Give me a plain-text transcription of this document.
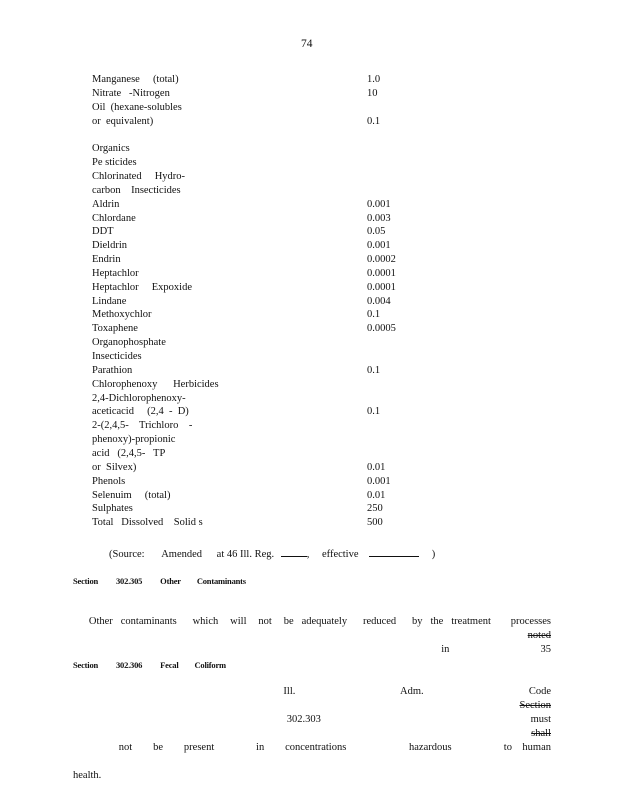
74
Manganese     (total)	1.0
Nitrate   -Nitrogen	10
Oil  (hexane-solubles
or  equivalent)	0.1
Organics
Pe sticides
Chlorinated     Hydro-
carbon    Insecticides
Aldrin	0.001
Chlordane	0.003
DDT	0.05
Dieldrin	0.001
Endrin	0.0002
Heptachlor	0.0001
Heptachlor     Expoxide	0.0001
Lindane	0.004
Methoxychlor	0.1
Toxaphene	0.0005
Organophosphate
Insecticides
Parathion	0.1
Chlorophenoxy      Herbicides
2,4-Dichlorophenoxy-
aceticacid     (2,4  -  D)	0.1
2-(2,4,5-    Trichloro    -
phenoxy)-propionic
acid   (2,4,5-   TP
or  Silvex)	0.01
Phenols	0.001
Selenuim     (total)	0.01
Sulphates	250
Total   Dissolved    Solid s	500
(Source: Amended at 46 Ill. Reg.	, effective	)
Section 302.305 Other Contaminants

Other  contaminants    which   will   not   be  adequately    reduced    by  the  treatment     processes
noted
in 35

Ill.  Adm.  Code
Section
302.303    must
shall
not  be  present    in  concentrations      hazardous     to human

health.
Section 302.306 Fecal Coliform
